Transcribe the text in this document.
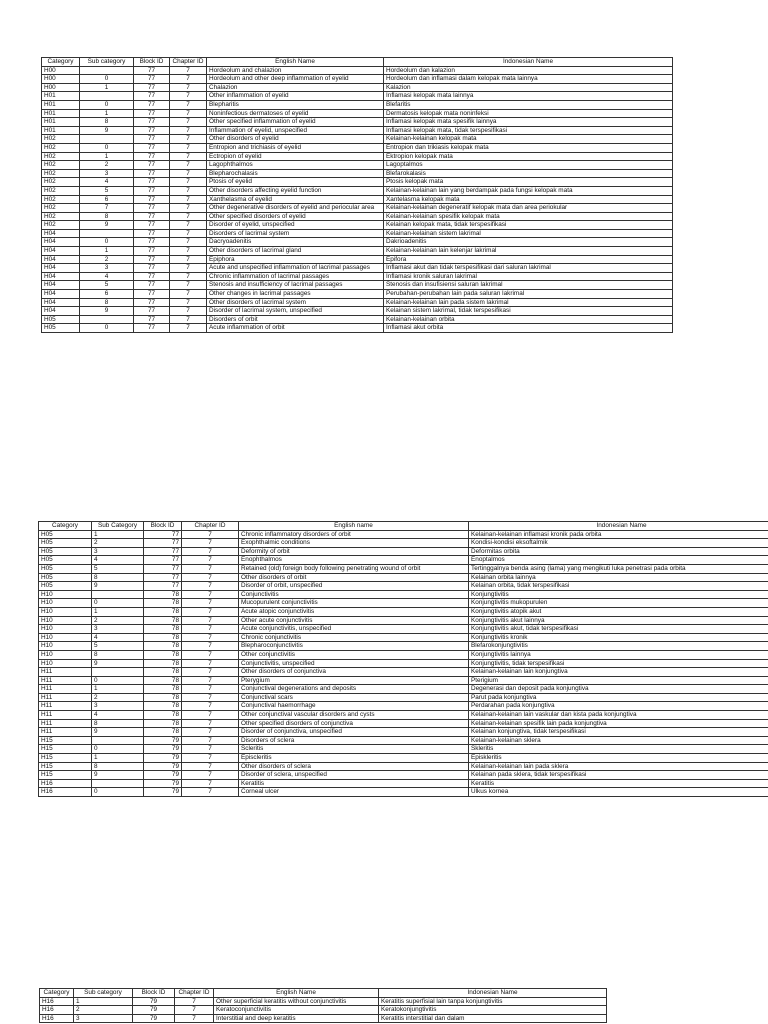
Category	Sub category	Block ID	Chapter ID	English Name	Indonesian Name
H00		77	7	Hordeolum and chalazion	Hordeolum dan kalazion
H00	0	77	7	Hordeolum and other deep inflammation of eyelid	Hordeolum dan inflamasi dalam kelopak mata lainnya
H00	1	77	7	Chalazion	Kalazion
H01		77	7	Other inflammation of eyelid	Inflamasi kelopak mata lainnya
H01	0	77	7	Blepharitis	Blefaritis
H01	1	77	7	Noninfectious dermatoses of eyelid	Dermatosis kelopak mata noninfeksi
H01	8	77	7	Other specified inflammation of eyelid	Inflamasi kelopak mata spesifik lainnya
H01	9	77	7	Inflammation of eyelid, unspecified	Inflamasi kelopak mata, tidak terspesifikasi
H02		77	7	Other disorders of eyelid	Kelainan-kelainan kelopak mata
H02	0	77	7	Entropion and trichiasis of eyelid	Entropion dan trikiasis kelopak mata
H02	1	77	7	Ectropion of eyelid	Ektropion kelopak mata
H02	2	77	7	Lagophthalmos	Lagoptalmos
H02	3	77	7	Blepharochalasis	Blefarokalasis
H02	4	77	7	Ptosis of eyelid	Ptosis kelopak mata
H02	5	77	7	Other disorders affecting eyelid function	Kelainan-kelainan lain yang berdampak pada fungsi kelopak mata
H02	6	77	7	Xanthelasma of eyelid	Xantelasma kelopak mata
H02	7	77	7	Other degenerative disorders of eyelid and periocular area	Kelainan-kelainan degeneratif kelopak mata dan area periokular
H02	8	77	7	Other specified disorders of eyelid	Kelainan-kelainan spesifik kelopak mata
H02	9	77	7	Disorder of eyelid, unspecified	Kelainan kelopak mata, tidak terspesifikasi
H04		77	7	Disorders of lacrimal system	Kelainan-kelainan sistem lakrimal
H04	0	77	7	Dacryoadenitis	Dakrioadenitis
H04	1	77	7	Other disorders of lacrimal gland	Kelainan-kelainan lain kelenjar lakrimal
H04	2	77	7	Epiphora	Epifora
H04	3	77	7	Acute and unspecified inflammation of lacrimal passages	Inflamasi akut dan tidak terspesifikasi dari saluran lakrimal
H04	4	77	7	Chronic inflammation of lacrimal passages	Inflamasi kronik saluran lakrimal
H04	5	77	7	Stenosis and insufficiency of lacrimal passages	Stenosis dan insufisiensi saluran lakrimal
H04	6	77	7	Other changes in lacrimal passages	Perubahan-perubahan lain pada saluran lakrimal
H04	8	77	7	Other disorders of lacrimal system	Kelainan-kelainan lain pada sistem lakrimal
H04	9	77	7	Disorder of lacrimal system, unspecified	Kelainan sistem lakrimal, tidak terspesifikasi
H05		77	7	Disorders of orbit	Kelainan-kelainan orbita
H05	0	77	7	Acute inflammation of orbit	Inflamasi akut orbita
Category	Sub Category	Block ID	Chapter ID	English name	Indonesian Name
H05	1	77	7	Chronic inflammatory disorders of orbit	Kelainan-kelainan inflamasi kronik pada orbita
H05	2	77	7	Exophthalmic conditions	Kondisi-kondisi eksoftalmik
H05	3	77	7	Deformity of orbit	Deformitas orbita
H05	4	77	7	Enophthalmos	Enoptalmos
H05	5	77	7	Retained (old) foreign body following penetrating wound of orbit	Tertinggalnya benda asing (lama) yang mengikuti luka penetrasi pada orbita
H05	8	77	7	Other disorders of orbit	Kelainan orbita lainnya
H05	9	77	7	Disorder of orbit, unspecified	Kelainan orbita, tidak terspesifikasi
H10		78	7	Conjunctivitis	Konjungtivitis
H10	0	78	7	Mucopurulent conjunctivitis	Konjungtivitis mukopurulen
H10	1	78	7	Acute atopic conjunctivitis	Konjungtivitis atopik akut
H10	2	78	7	Other acute conjunctivitis	Konjungtivitis akut lainnya
H10	3	78	7	Acute conjunctivitis, unspecified	Konjungtivitis akut, tidak terspesifikasi
H10	4	78	7	Chronic conjunctivitis	Konjungtivitis kronik
H10	5	78	7	Blepharoconjunctivitis	Blefarokonjungtivitis
H10	8	78	7	Other conjunctivitis	Konjungtivitis lainnya
H10	9	78	7	Conjunctivitis, unspecified	Konjungtivitis, tidak terspesifikasi
H11		78	7	Other disorders of conjunctiva	Kelainan-kelainan lain konjungtiva
H11	0	78	7	Pterygium	Pterigium
H11	1	78	7	Conjunctival degenerations and deposits	Degenerasi dan deposit pada konjungtiva
H11	2	78	7	Conjunctival scars	Parut pada konjungtiva
H11	3	78	7	Conjunctival haemorrhage	Perdarahan pada konjungtiva
H11	4	78	7	Other conjunctival vascular disorders and cysts	Kelainan-kelainan lain vaskular dan kista pada konjungtiva
H11	8	78	7	Other specified disorders of conjunctiva	Kelainan-kelainan spesifik lain pada konjungtiva
H11	9	78	7	Disorder of conjunctiva, unspecified	Kelainan konjungtiva, tidak terspesifikasi
H15		79	7	Disorders of sclera	Kelainan-kelainan sklera
H15	0	79	7	Scleritis	Skleritis
H15	1	79	7	Episcleritis	Episkleritis
H15	8	79	7	Other disorders of sclera	Kelainan-kelainan lain pada sklera
H15	9	79	7	Disorder of sclera, unspecified	Kelainan pada sklera, tidak terspesifikasi
H16		79	7	Keratitis	Keratitis
H16	0	79	7	Corneal ulcer	Ulkus kornea
Category	Sub category	Block ID	Chapter ID	English Name	Indonesian Name
H16	1	79	7	Other superficial keratitis without conjunctivitis	Keratitis superfisial lain tanpa konjungtivitis
H16	2	79	7	Keratoconjunctivitis	Keratokonjungtivitis
H16	3	79	7	Interstitial and deep keratitis	Keratitis interstitial dan dalam
